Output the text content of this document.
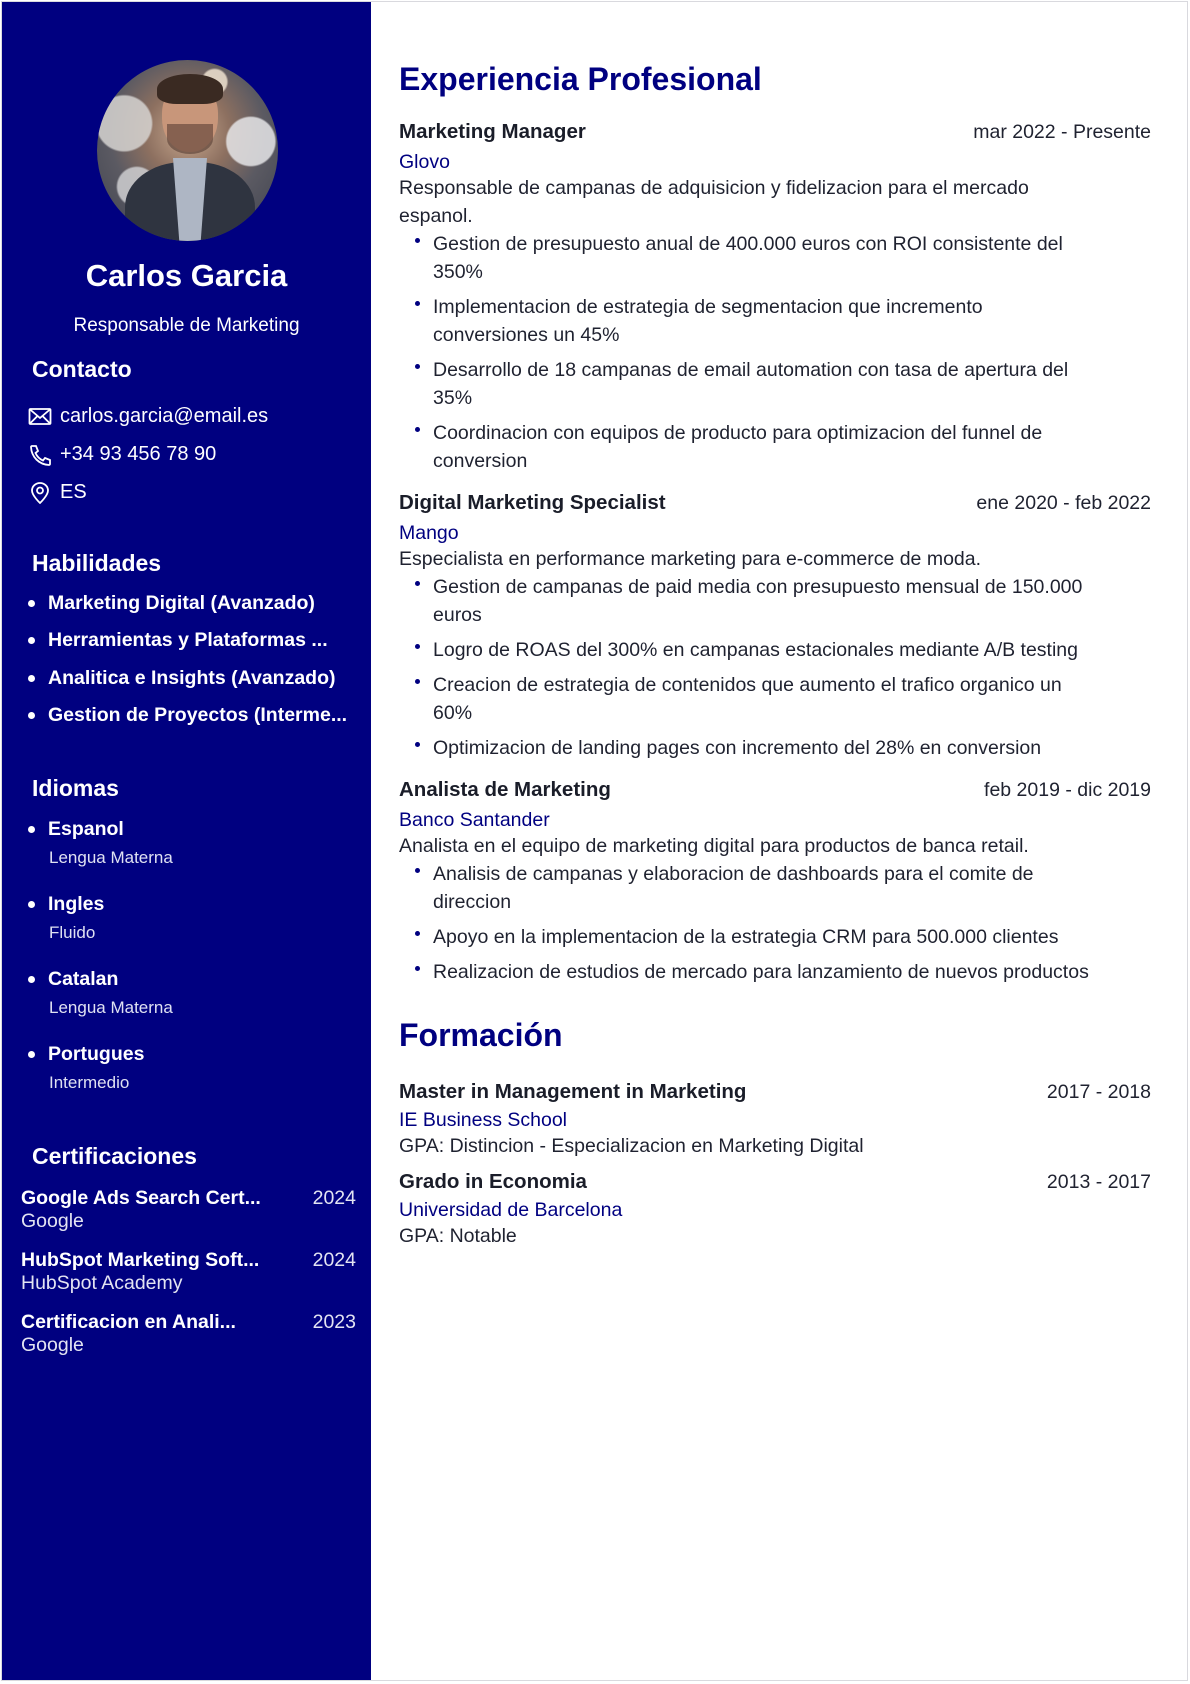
Carlos Garcia
Responsable de Marketing
Contacto
carlos.garcia@email.es
+34 93 456 78 90
ES
Habilidades
Marketing Digital (Avanzado)
Herramientas y Plataformas ...
Analitica e Insights (Avanzado)
Gestion de Proyectos (Interme...
Idiomas
Espanol
Lengua Materna
Ingles
Fluido
Catalan
Lengua Materna
Portugues
Intermedio
Certificaciones
Google Ads Search Cert...	2024
Google
HubSpot Marketing Soft...	2024
HubSpot Academy
Certificacion en Anali...	2023
Google
Experiencia Profesional
Marketing Manager	mar 2022 - Presente
Glovo
Responsable de campanas de adquisicion y fidelizacion para el mercado espanol.
Gestion de presupuesto anual de 400.000 euros con ROI consistente del 350%
Implementacion de estrategia de segmentacion que incremento conversiones un 45%
Desarrollo de 18 campanas de email automation con tasa de apertura del 35%
Coordinacion con equipos de producto para optimizacion del funnel de conversion
Digital Marketing Specialist	ene 2020 - feb 2022
Mango
Especialista en performance marketing para e-commerce de moda.
Gestion de campanas de paid media con presupuesto mensual de 150.000 euros
Logro de ROAS del 300% en campanas estacionales mediante A/B testing
Creacion de estrategia de contenidos que aumento el trafico organico un 60%
Optimizacion de landing pages con incremento del 28% en conversion
Analista de Marketing	feb 2019 - dic 2019
Banco Santander
Analista en el equipo de marketing digital para productos de banca retail.
Analisis de campanas y elaboracion de dashboards para el comite de direccion
Apoyo en la implementacion de la estrategia CRM para 500.000 clientes
Realizacion de estudios de mercado para lanzamiento de nuevos productos
Formación
Master in Management in Marketing	2017 - 2018
IE Business School
GPA: Distincion - Especializacion en Marketing Digital
Grado in Economia	2013 - 2017
Universidad de Barcelona
GPA: Notable
